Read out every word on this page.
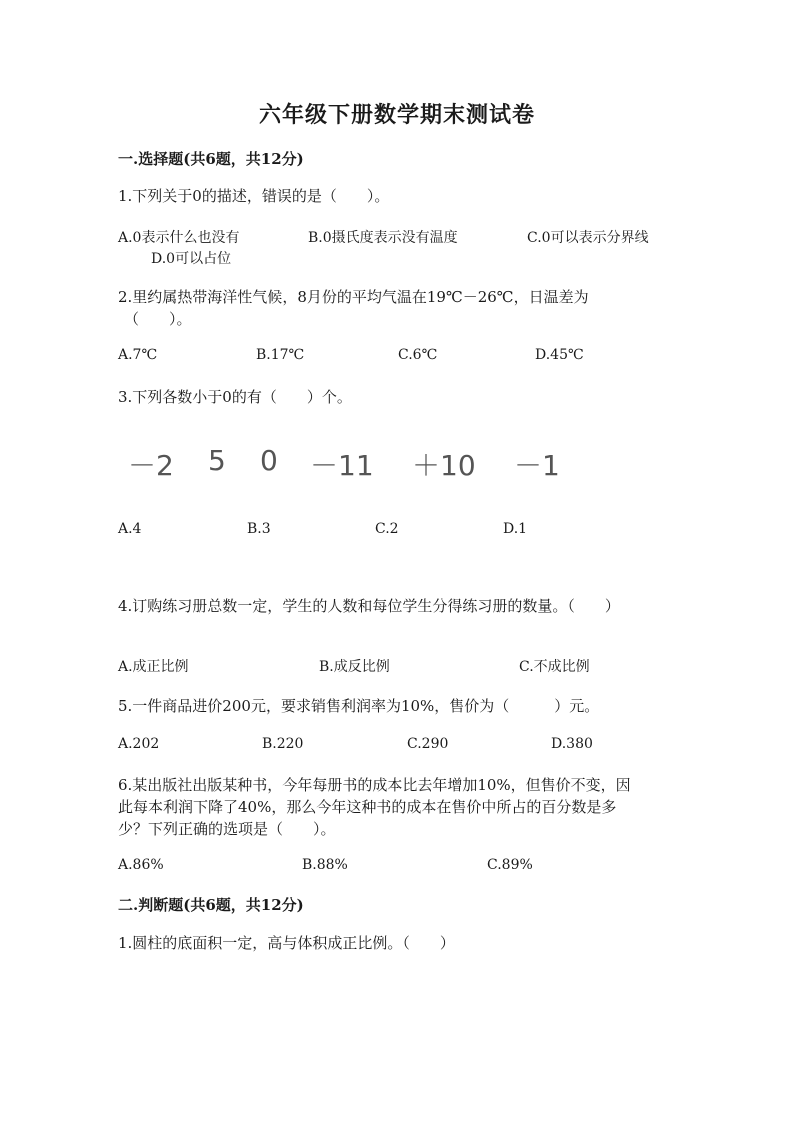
六年级下册数学期末测试卷
一.选择题(共6题，共12分)
1.下列关于0的描述，错误的是（　　）。
A.0表示什么也没有	B.0摄氏度表示没有温度	C.0可以表示分界线
D.0可以占位
2.里约属热带海洋性气候，8月份的平均气温在19℃－26℃，日温差为
（　　）。
A.7℃	B.17℃	C.6℃	D.45℃
3.下列各数小于0的有（　　）个。
－2 5 0 －11 ＋10 －1
A.4	B.3	C.2	D.1
4.订购练习册总数一定，学生的人数和每位学生分得练习册的数量。（　　）
A.成正比例	B.成反比例	C.不成比例
5.一件商品进价200元，要求销售利润率为10%，售价为（　　　）元。
A.202	B.220	C.290	D.380
6.某出版社出版某种书，今年每册书的成本比去年增加10%，但售价不变，因
此每本利润下降了40%，那么今年这种书的成本在售价中所占的百分数是多
少？下列正确的选项是（　　）。
A.86%	B.88%	C.89%
二.判断题(共6题，共12分)
1.圆柱的底面积一定，高与体积成正比例。（　　）
